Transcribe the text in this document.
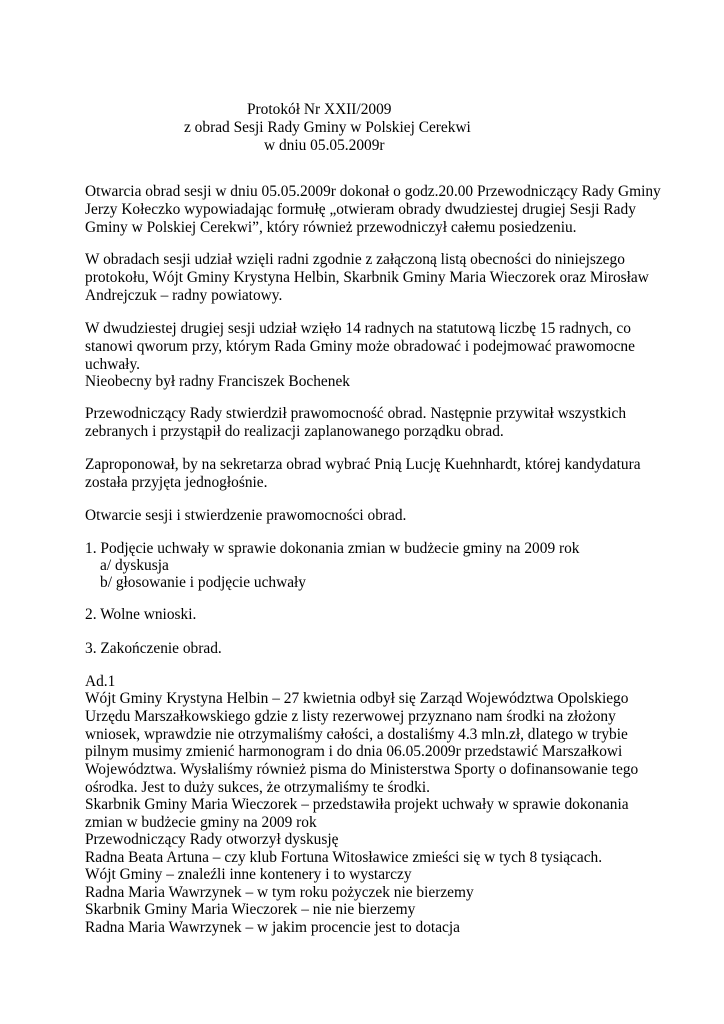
Protokół Nr XXII/2009
z obrad Sesji Rady Gminy w Polskiej Cerekwi
w dniu 05.05.2009r
Otwarcia obrad sesji w dniu 05.05.2009r dokonał o godz.20.00 Przewodniczący Rady Gminy
Jerzy Kołeczko wypowiadając formułę „otwieram obrady dwudziestej drugiej Sesji Rady
Gminy w Polskiej Cerekwi”, który również przewodniczył całemu posiedzeniu.
W obradach sesji udział wzięli radni zgodnie z załączoną listą obecności do niniejszego
protokołu, Wójt Gminy Krystyna Helbin, Skarbnik Gminy Maria Wieczorek oraz Mirosław
Andrejczuk – radny powiatowy.
W dwudziestej drugiej sesji udział wzięło 14 radnych na statutową liczbę 15 radnych, co
stanowi qworum przy, którym Rada Gminy może obradować i podejmować prawomocne
uchwały.
Nieobecny był radny Franciszek Bochenek
Przewodniczący Rady stwierdził prawomocność obrad. Następnie przywitał wszystkich
zebranych i przystąpił do realizacji zaplanowanego porządku obrad.
Zaproponował, by na sekretarza obrad wybrać Pnią Lucję Kuehnhardt, której kandydatura
została przyjęta jednogłośnie.
Otwarcie sesji i stwierdzenie prawomocności obrad.
1. Podjęcie uchwały w sprawie dokonania zmian w budżecie gminy na 2009 rok
a/ dyskusja
b/ głosowanie i podjęcie uchwały
2. Wolne wnioski.
3. Zakończenie obrad.
Ad.1
Wójt Gminy Krystyna Helbin – 27 kwietnia odbył się Zarząd Województwa Opolskiego
Urzędu Marszałkowskiego gdzie z listy rezerwowej przyznano nam środki na złożony
wniosek, wprawdzie nie otrzymaliśmy całości, a dostaliśmy 4.3 mln.zł, dlatego w trybie
pilnym musimy zmienić harmonogram i do dnia 06.05.2009r przedstawić Marszałkowi
Województwa. Wysłaliśmy również pisma do Ministerstwa Sporty o dofinansowanie tego
ośrodka. Jest to duży sukces, że otrzymaliśmy te środki.
Skarbnik Gminy Maria Wieczorek – przedstawiła projekt uchwały w sprawie dokonania
zmian w budżecie gminy na 2009 rok
Przewodniczący Rady otworzył dyskusję
Radna Beata Artuna – czy klub Fortuna Witosławice zmieści się w tych 8 tysiącach.
Wójt Gminy – znaleźli inne kontenery i to wystarczy
Radna Maria Wawrzynek – w tym roku pożyczek nie bierzemy
Skarbnik Gminy Maria Wieczorek – nie nie bierzemy
Radna Maria Wawrzynek – w jakim procencie jest to dotacja
